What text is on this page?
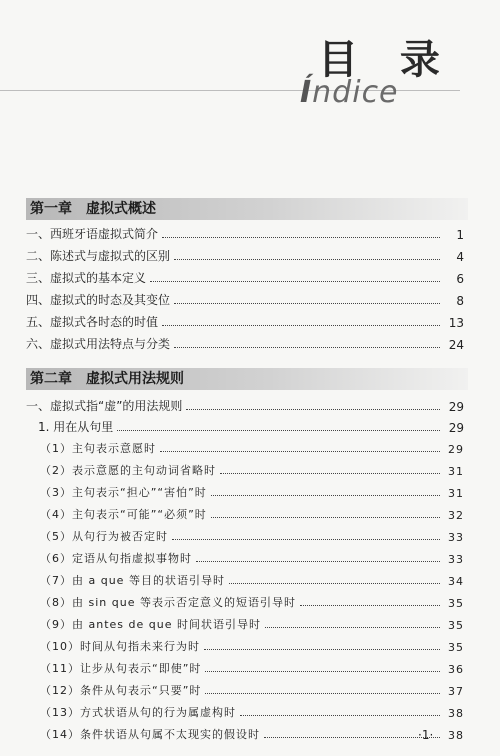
目 录
Índice
第一章　虚拟式概述
一、西班牙语虚拟式简介	1
二、陈述式与虚拟式的区别	4
三、虚拟式的基本定义	6
四、虚拟式的时态及其变位	8
五、虚拟式各时态的时值	13
六、虚拟式用法特点与分类	24
第二章　虚拟式用法规则
一、虚拟式指“虚”的用法规则	29
1. 用在从句里	29
（1）主句表示意愿时	29
（2）表示意愿的主句动词省略时	31
（3）主句表示“担心”“害怕”时	31
（4）主句表示“可能”“必须”时	32
（5）从句行为被否定时	33
（6）定语从句指虚拟事物时	33
（7）由 a que 等目的状语引导时	34
（8）由 sin que 等表示否定意义的短语引导时	35
（9）由 antes de que 时间状语引导时	35
（10）时间从句指未来行为时	35
（11）让步从句表示“即使”时	36
（12）条件从句表示“只要”时	37
（13）方式状语从句的行为属虚构时	38
（14）条件状语从句属不太现实的假设时	38
·1·
